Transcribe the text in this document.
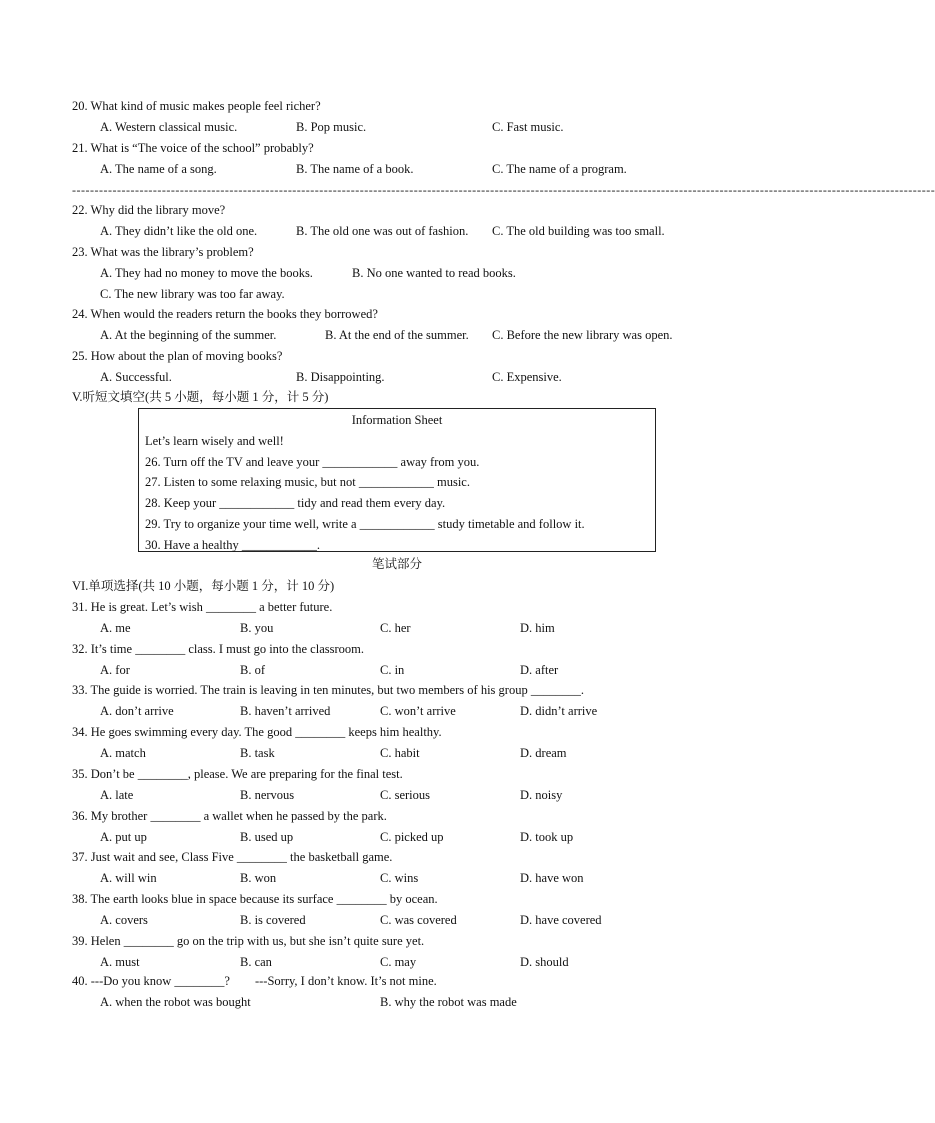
20. What kind of music makes people feel richer?
A. Western classical music.	B. Pop music.	C. Fast music.
21. What is “The voice of the school” probably?
A. The name of a song.	B. The name of a book.	C. The name of a program.
------------------------------------------------------------------------------------------------------------------------------------------------------------------------------------------------
22. Why did the library move?
A. They didn’t like the old one.	B. The old one was out of fashion. C. The old building was too small.
23. What was the library’s problem?
A. They had no money to move the books.	B. No one wanted to read books.
C. The new library was too far away.
24. When would the readers return the books they borrowed?
A. At the beginning of the summer.	B. At the end of the summer. C. Before the new library was open.
25. How about the plan of moving books?
A. Successful.	B. Disappointing.	C. Expensive.
V.听短文填空(共 5 小题，每小题 1 分，计 5 分)
Information Sheet
Let’s learn wisely and well!
26. Turn off the TV and leave your ____________ away from you.
27. Listen to some relaxing music, but not ____________ music.
28. Keep your ____________ tidy and read them every day.
29. Try to organize your time well, write a ____________ study timetable and follow it.
30. Have a healthy ____________.
笔试部分
VI.单项选择(共 10 小题，每小题 1 分，计 10 分)
31. He is great. Let’s wish ________ a better future.
A. me	B. you	C. her	D. him
32. It’s time ________ class. I must go into the classroom.
A. for	B. of	C. in	D. after
33. The guide is worried. The train is leaving in ten minutes, but two members of his group ________.
A. don’t arrive	B. haven’t arrived	C. won’t arrive	D. didn’t arrive
34. He goes swimming every day. The good ________ keeps him healthy.
A. match	B. task	C. habit	D. dream
35. Don’t be ________, please. We are preparing for the final test.
A. late	B. nervous	C. serious	D. noisy
36. My brother ________ a wallet when he passed by the park.
A. put up	B. used up	C. picked up	D. took up
37. Just wait and see, Class Five ________ the basketball game.
A. will win	B. won	C. wins	D. have won
38. The earth looks blue in space because its surface ________ by ocean.
A. covers	B. is covered	C. was covered	D. have covered
39. Helen ________ go on the trip with us, but she isn’t quite sure yet.
A. must	B. can	C. may	D. should
40. ---Do you know ________?        ---Sorry, I don’t know. It’s not mine.
A. when the robot was bought	B. why the robot was made
